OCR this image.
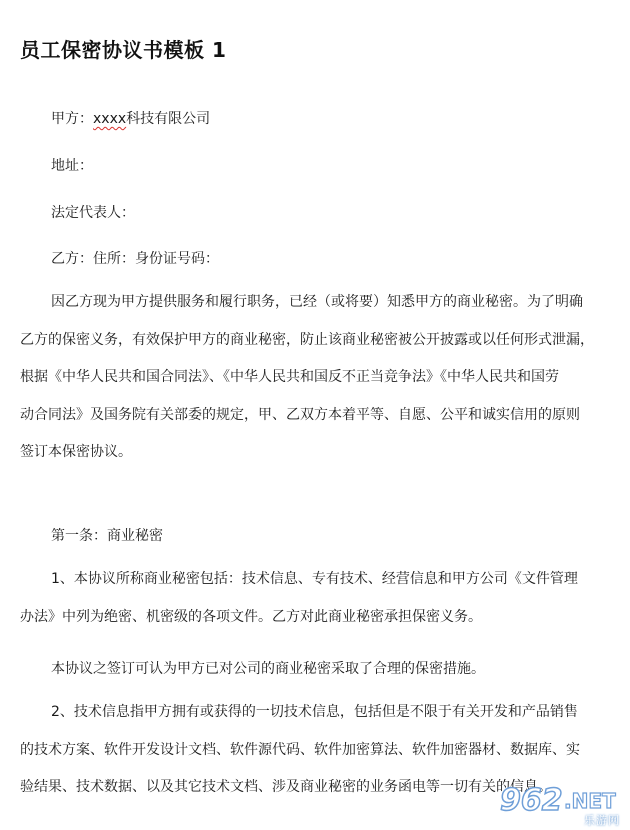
员工保密协议书模板 1

甲方：xxxx科技有限公司

地址：

法定代表人：

乙方：住所：身份证号码：

因乙方现为甲方提供服务和履行职务，已经（或将要）知悉甲方的商业秘密。为了明确
乙方的保密义务，有效保护甲方的商业秘密，防止该商业秘密被公开披露或以任何形式泄漏，
根据《中华人民共和国合同法》、《中华人民共和国反不正当竞争法》《中华人民共和国劳
动合同法》及国务院有关部委的规定，甲、乙双方本着平等、自愿、公平和诚实信用的原则
签订本保密协议。

第一条：商业秘密

1、本协议所称商业秘密包括：技术信息、专有技术、经营信息和甲方公司《文件管理
办法》中列为绝密、机密级的各项文件。乙方对此商业秘密承担保密义务。

本协议之签订可认为甲方已对公司的商业秘密采取了合理的保密措施。

2、技术信息指甲方拥有或获得的一切技术信息，包括但是不限于有关开发和产品销售
的技术方案、软件开发设计文档、软件源代码、软件加密算法、软件加密器材、数据库、实
验结果、技术数据、以及其它技术文档、涉及商业秘密的业务函电等一切有关的信息。
962 .NET
乐游网
